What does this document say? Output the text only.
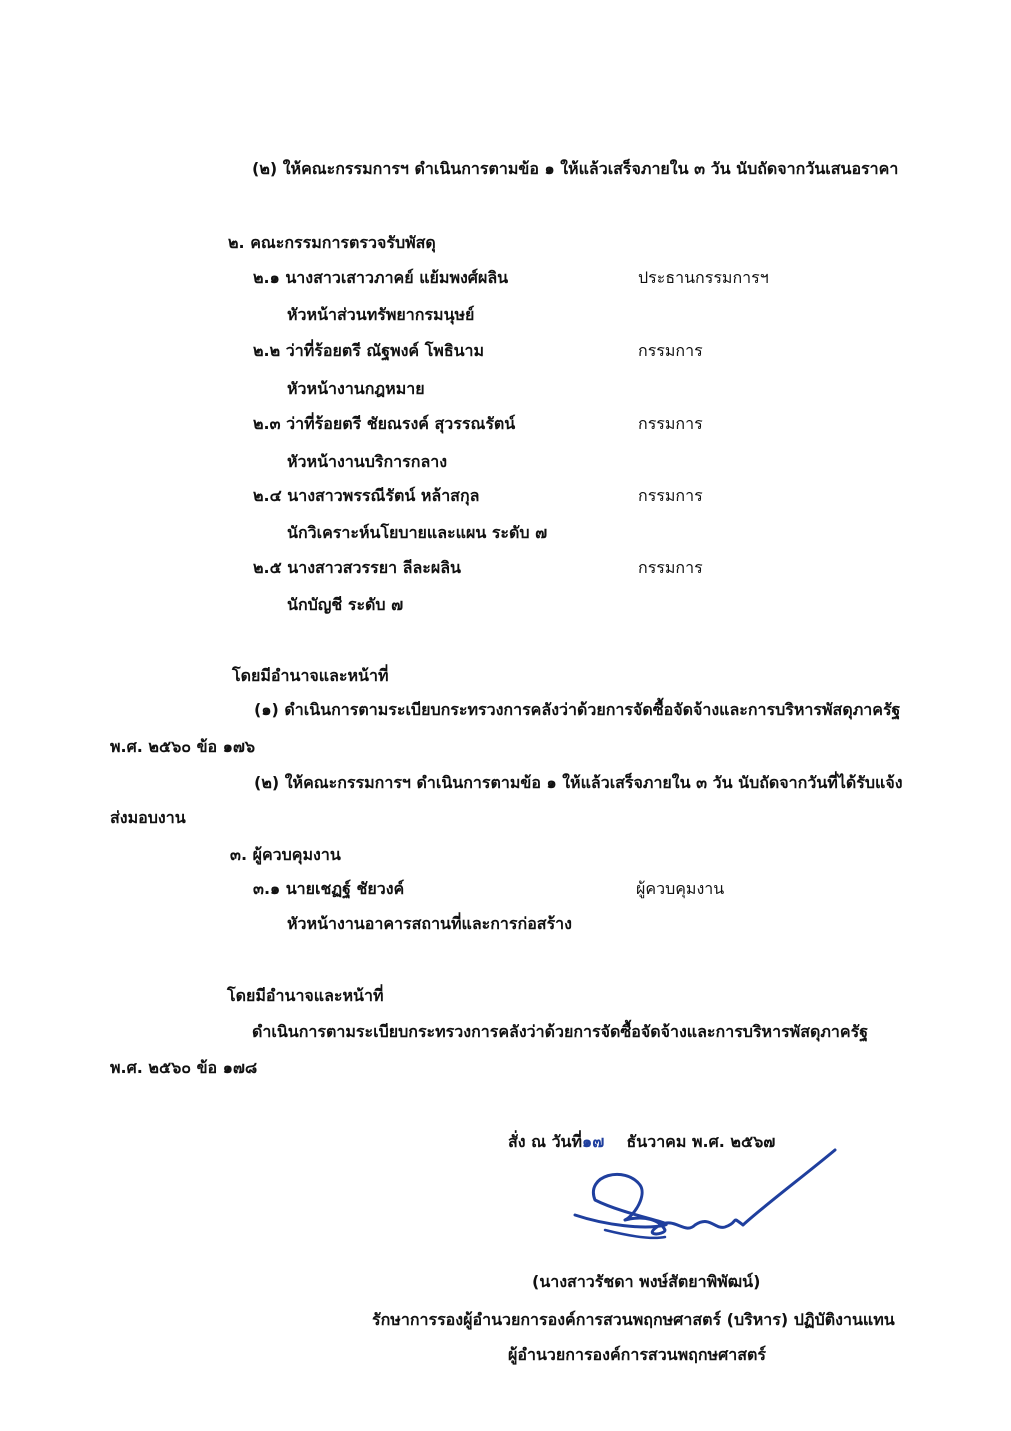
(๒) ให้คณะกรรมการฯ ดำเนินการตามข้อ ๑ ให้แล้วเสร็จภายใน ๓ วัน นับถัดจากวันเสนอราคา
๒. คณะกรรมการตรวจรับพัสดุ
๒.๑ นางสาวเสาวภาคย์ แย้มพงศ์ผลิน	ประธานกรรมการฯ
หัวหน้าส่วนทรัพยากรมนุษย์
๒.๒ ว่าที่ร้อยตรี ณัฐพงค์ โพธินาม	กรรมการ
หัวหน้างานกฎหมาย
๒.๓ ว่าที่ร้อยตรี ชัยณรงค์ สุวรรณรัตน์	กรรมการ
หัวหน้างานบริการกลาง
๒.๔ นางสาวพรรณีรัตน์ หล้าสกุล	กรรมการ
นักวิเคราะห์นโยบายและแผน ระดับ ๗
๒.๕ นางสาวสวรรยา ลีละผลิน	กรรมการ
นักบัญชี ระดับ ๗
โดยมีอำนาจและหน้าที่
(๑) ดำเนินการตามระเบียบกระทรวงการคลังว่าด้วยการจัดซื้อจัดจ้างและการบริหารพัสดุภาครัฐ
พ.ศ. ๒๕๖๐ ข้อ ๑๗๖
(๒) ให้คณะกรรมการฯ ดำเนินการตามข้อ ๑ ให้แล้วเสร็จภายใน ๓ วัน นับถัดจากวันที่ได้รับแจ้ง
ส่งมอบงาน
๓. ผู้ควบคุมงาน
๓.๑ นายเชฏฐ์ ชัยวงค์	ผู้ควบคุมงาน
หัวหน้างานอาคารสถานที่และการก่อสร้าง
โดยมีอำนาจและหน้าที่
ดำเนินการตามระเบียบกระทรวงการคลังว่าด้วยการจัดซื้อจัดจ้างและการบริหารพัสดุภาครัฐ
พ.ศ. ๒๕๖๐ ข้อ ๑๗๘
สั่ง ณ วันที่๑๗ ธันวาคม พ.ศ. ๒๕๖๗
(นางสาวรัชดา พงษ์สัตยาพิพัฒน์)
รักษาการรองผู้อำนวยการองค์การสวนพฤกษศาสตร์ (บริหาร) ปฏิบัติงานแทน
ผู้อำนวยการองค์การสวนพฤกษศาสตร์
